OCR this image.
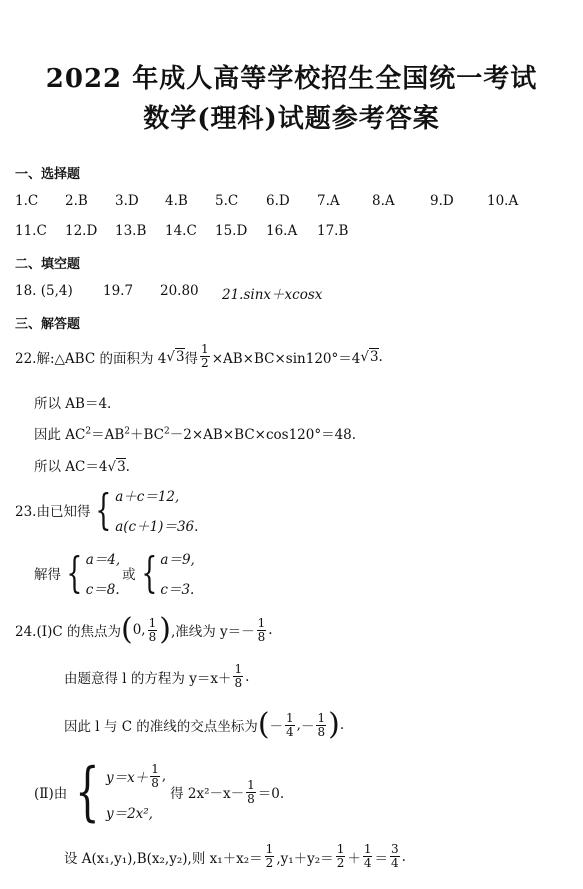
2022 年成人高等学校招生全国统一考试
数学(理科)试题参考答案
一、选择题
1.C 2.B 3.D 4.B 5.C 6.D 7.A 8.A	9.D 10.A
11.C 12.D 13.B 14.C 15.D 16.A 17.B
二、填空题
18. (5,4) 19.7 20.80 21.sinx＋xcosx
三、解答题
22.解: △ABC 的面积为 4 √ 3 得 $\frac{1}{2} \times AB\times BC\times\sin 120^\circ=4$ √ 3 .
所以 AB＝4.
因此 $AC^2=AB^2+BC^2-2\times AB\times BC\times\cos 120^\circ=48$.
所以 AC＝4√3.
23.由已知得 { a＋c＝12,
a(c＋1)＝36.
解得 { a＝4,
c＝8.
或 { a＝9,
c＝3.
24.(Ⅰ)C 的焦点为 ( 0, 1
8 ) ,准线为 y＝－
1
8 .
由题意得 l 的方程为 y＝x＋
1
8 .
因此 l 与 C 的准线的交点坐标为 ( －
1
4 , －
1
8 ) .
(Ⅱ)由 { y＝x＋
1
8 ,
y＝2x²,
得 2x²－x－
1
8 ＝0.
设 A(x₁,y₁),B(x₂,y₂),则 x₁＋x₂＝
1
2 ,y₁＋y₂＝
1
2 ＋
1
4 ＝
3
4 .
